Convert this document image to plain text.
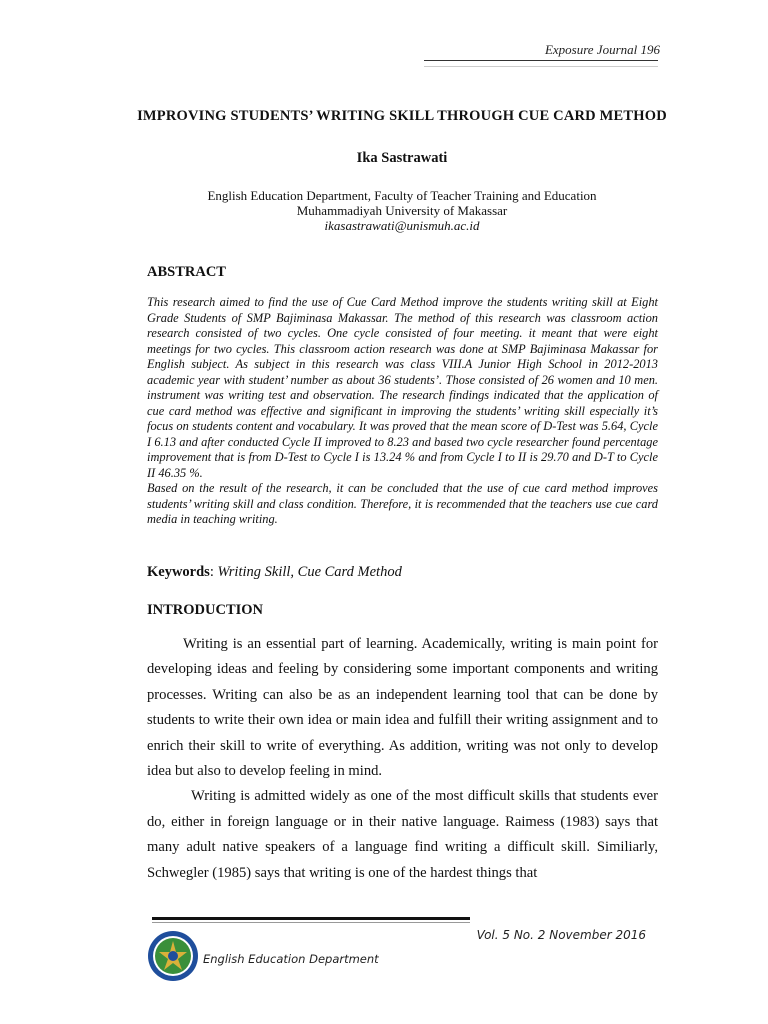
Exposure Journal 196
IMPROVING STUDENTS’ WRITING SKILL THROUGH CUE CARD METHOD
Ika Sastrawati
English Education Department, Faculty of Teacher Training and Education
Muhammadiyah University of Makassar
ikasastrawati@unismuh.ac.id
ABSTRACT

This research aimed to find the use of Cue Card Method improve the students writing skill at Eight Grade Students of SMP Bajiminasa Makassar. The method of this research was classroom action research consisted of two cycles. One cycle consisted of four meeting. it meant that were eight meetings for two cycles. This classroom action research was done at SMP Bajiminasa Makassar for English subject. As subject in this research was class VIII.A Junior High School in 2012-2013 academic year with student’ number as about 36 students’. Those consisted of 26 women and 10 men. instrument was writing test and observation. The research findings indicated that the application of cue card method was effective and significant in improving the students’ writing skill especially it’s focus on students content and vocabulary. It was proved that the mean score of D-Test was 5.64, Cycle I 6.13 and after conducted Cycle II improved to 8.23 and based two cycle researcher found percentage improvement that is from D-Test to Cycle I is 13.24 % and from Cycle I to II is 29.70 and D-T to Cycle II 46.35 %.

Based on the result of the research, it can be concluded that the use of cue card method improves students’ writing skill and class condition. Therefore, it is recommended that the teachers use cue card media in teaching writing.

Keywords: Writing Skill, Cue Card Method
INTRODUCTION

Writing is an essential part of learning. Academically, writing is main point for developing ideas and feeling by considering some important components and writing processes. Writing can also be as an independent learning tool that can be done by students to write their own idea or main idea and fulfill their writing assignment and to enrich their skill to write of everything. As addition, writing was not only to develop idea but also to develop feeling in mind.

Writing is admitted widely as one of the most difficult skills that students ever do, either in foreign language or in their native language. Raimess (1983) says that many adult native speakers of a language find writing a difficult skill. Similiarly, Schwegler (1985) says that writing is one of the hardest things that

Vol. 5 No. 2 November 2016
English Education Department
